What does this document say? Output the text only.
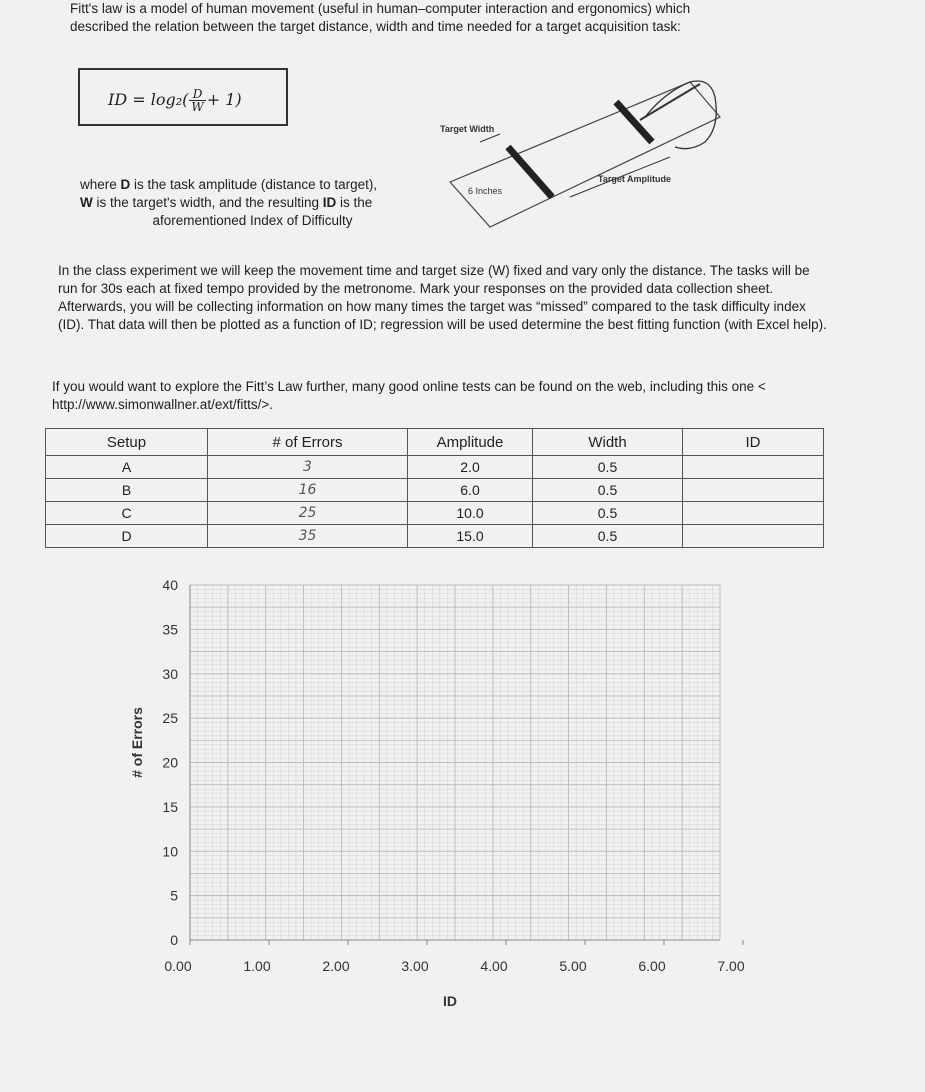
Fitt's law is a model of human movement (useful in human–computer interaction and ergonomics) which
described the relation between the target distance, width and time needed for a target acquisition task:
ID = $\log_2( \frac{D}{W} + 1)$
where D is the task amplitude (distance to target),
W is the target's width, and the resulting ID is the
aforementioned Index of Difficulty
Target Width
6 Inches
Target Amplitude
In the class experiment we will keep the movement time and target size (W) fixed and vary only the distance. The tasks will be run for 30s each at fixed tempo provided by the metronome. Mark your responses on the provided data collection sheet. Afterwards, you will be collecting information on how many times the target was “missed” compared to the task difficulty index (ID). That data will then be plotted as a function of ID; regression will be used determine the best fitting function (with Excel help).
If you would want to explore the Fitt’s Law further, many good online tests can be found on the web, including this one < http://www.simonwallner.at/ext/fitts/>.
Setup	# of Errors	Amplitude	Width	ID
A	3	2.0	0.5	
B	16	6.0	0.5	
C	25	10.0	0.5	
D	35	15.0	0.5	
0
5
10
15
20
25
30
35
40
0.00	1.00	2.00	3.00	4.00	5.00	6.00	7.00
# of Errors
ID
